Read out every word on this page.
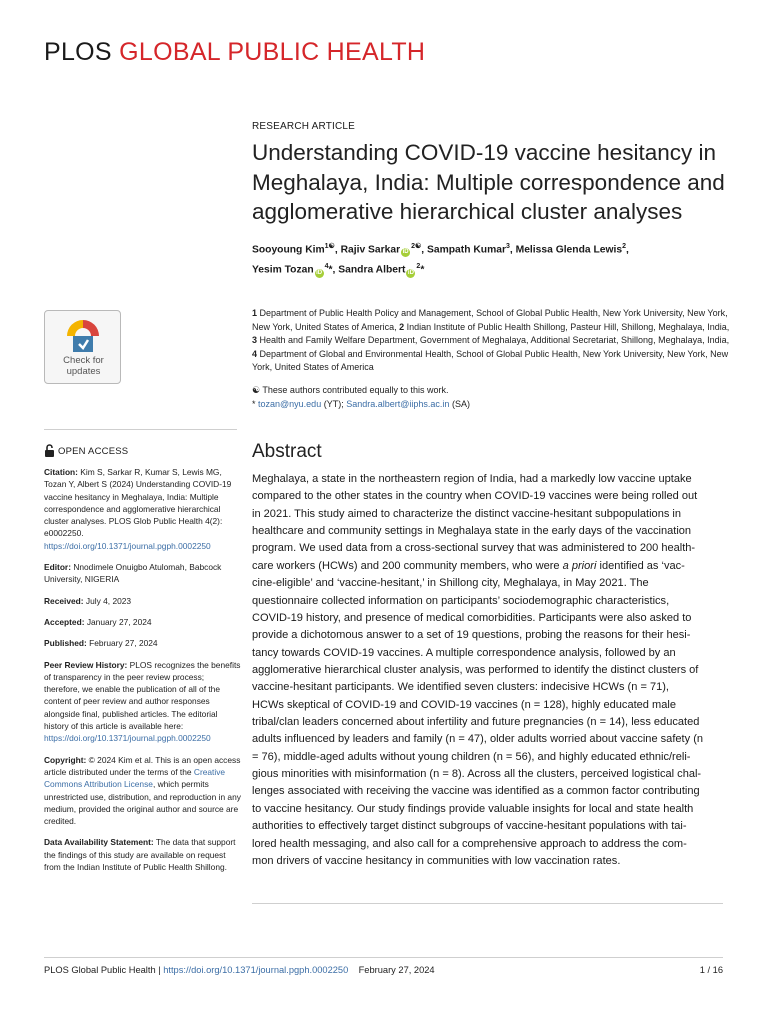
PLOS GLOBAL PUBLIC HEALTH
RESEARCH ARTICLE
Understanding COVID-19 vaccine hesitancy in Meghalaya, India: Multiple correspondence and agglomerative hierarchical cluster analyses
Sooyoung Kim$^{1☯}$, Rajiv Sarkar $iD^{2☯}$, Sampath Kumar$^3$, Melissa Glenda Lewis$^2$,
Yesim Tozan $iD^4*$, Sandra Albert $iD^2*$
1 Department of Public Health Policy and Management, School of Global Public Health, New York University, New York, New York, United States of America, 2 Indian Institute of Public Health Shillong, Pasteur Hill, Shillong, Meghalaya, India, 3 Health and Family Welfare Department, Government of Meghalaya, Additional Secretariat, Shillong, Meghalaya, India, 4 Department of Global and Environmental Health, School of Global Public Health, New York University, New York, New York, United States of America
☯ These authors contributed equally to this work.
* tozan@nyu.edu (YT); Sandra.albert@iiphs.ac.in (SA)
Check for
updates
OPEN ACCESS

Citation: Kim S, Sarkar R, Kumar S, Lewis MG, Tozan Y, Albert S (2024) Understanding COVID-19 vaccine hesitancy in Meghalaya, India: Multiple correspondence and agglomerative hierarchical cluster analyses. PLOS Glob Public Health 4(2): e0002250. https://doi.org/10.1371/journal.pgph.0002250

Editor: Nnodimele Onuigbo Atulomah, Babcock University, NIGERIA

Received: July 4, 2023

Accepted: January 27, 2024

Published: February 27, 2024

Peer Review History: PLOS recognizes the benefits of transparency in the peer review process; therefore, we enable the publication of all of the content of peer review and author responses alongside final, published articles. The editorial history of this article is available here: https://doi.org/10.1371/journal.pgph.0002250

Copyright: © 2024 Kim et al. This is an open access article distributed under the terms of the Creative Commons Attribution License, which permits unrestricted use, distribution, and reproduction in any medium, provided the original author and source are credited.

Data Availability Statement: The data that support the findings of this study are available on request from the Indian Institute of Public Health Shillong.

Abstract
Meghalaya, a state in the northeastern region of India, had a markedly low vaccine uptake
compared to the other states in the country when COVID-19 vaccines were being rolled out
in 2021. This study aimed to characterize the distinct vaccine-hesitant subpopulations in
healthcare and community settings in Meghalaya state in the early days of the vaccination
program. We used data from a cross-sectional survey that was administered to 200 health-
care workers (HCWs) and 200 community members, who were a priori identified as ‘vac-
cine-eligible’ and ‘vaccine-hesitant,’ in Shillong city, Meghalaya, in May 2021. The
questionnaire collected information on participants’ sociodemographic characteristics,
COVID-19 history, and presence of medical comorbidities. Participants were also asked to
provide a dichotomous answer to a set of 19 questions, probing the reasons for their hesi-
tancy towards COVID-19 vaccines. A multiple correspondence analysis, followed by an
agglomerative hierarchical cluster analysis, was performed to identify the distinct clusters of
vaccine-hesitant participants. We identified seven clusters: indecisive HCWs (n = 71),
HCWs skeptical of COVID-19 and COVID-19 vaccines (n = 128), highly educated male
tribal/clan leaders concerned about infertility and future pregnancies (n = 14), less educated
adults influenced by leaders and family (n = 47), older adults worried about vaccine safety (n
= 76), middle-aged adults without young children (n = 56), and highly educated ethnic/reli-
gious minorities with misinformation (n = 8). Across all the clusters, perceived logistical chal-
lenges associated with receiving the vaccine was identified as a common factor contributing
to vaccine hesitancy. Our study findings provide valuable insights for local and state health
authorities to effectively target distinct subgroups of vaccine-hesitant populations with tai-
lored health messaging, and also call for a comprehensive approach to address the com-
mon drivers of vaccine hesitancy in communities with low vaccination rates.
PLOS Global Public Health | https://doi.org/10.1371/journal.pgph.0002250 February 27, 2024	1 / 16
